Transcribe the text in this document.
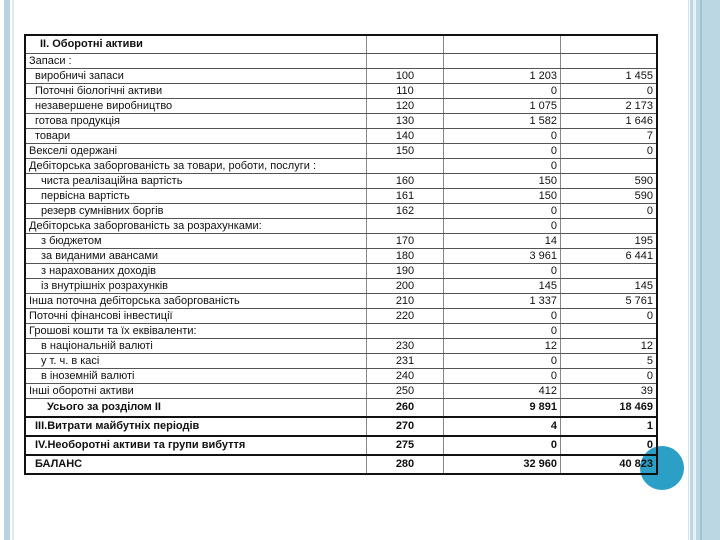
II. Оборотні активи			
Запаси :			
виробничі запаси	100	1 203	1 455
Поточні біологічні активи	110	0	0
незавершене виробництво	120	1 075	2 173
готова продукція	130	1 582	1 646
товари	140	0	7
Векселі одержані	150	0	0
Дебіторська заборгованість за товари, роботи, послуги :		0	
чиста реалізаційна вартість	160	150	590
первісна вартість	161	150	590
резерв сумнівних боргів	162	0	0
Дебіторська заборгованість за розрахунками:		0	
з бюджетом	170	14	195
за виданими авансами	180	3 961	6 441
з нарахованих доходів	190	0	
із внутрішніх розрахунків	200	145	145
Інша поточна дебіторська заборгованість	210	1 337	5 761
Поточні фінансові інвестиції	220	0	0
Грошові кошти та їх еквіваленти:		0	
в національній валюті	230	12	12
у т. ч. в касі	231	0	5
в іноземній валюті	240	0	0
Інші оборотні активи	250	412	39
Усього за розділом II	260	9 891	18 469
III.Витрати майбутніх періодів	270	4	1
IV.Необоротні активи та групи вибуття	275	0	0
БАЛАНС	280	32 960	40 823
